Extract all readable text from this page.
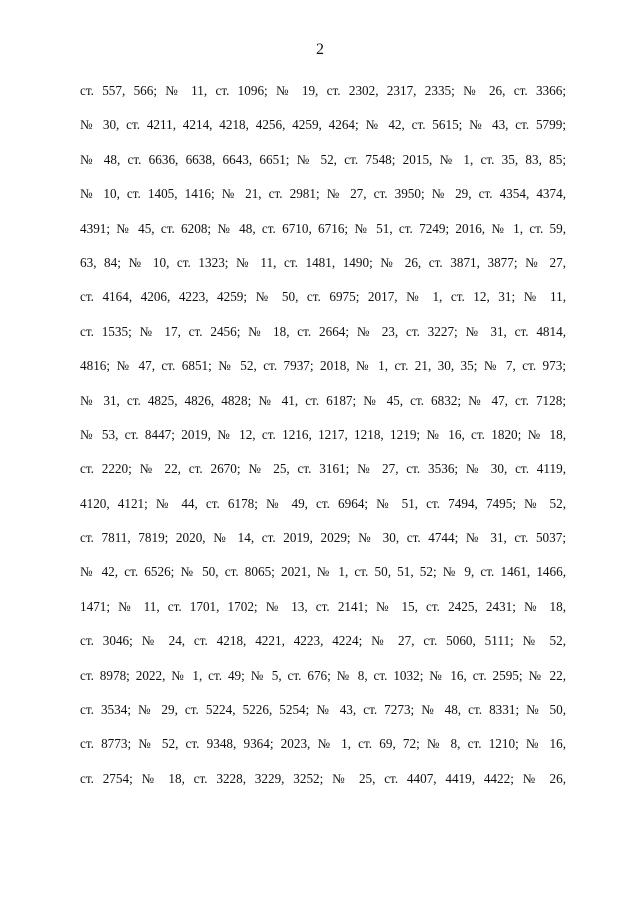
2
ст. 557, 566; № 11, ст. 1096; № 19, ст. 2302, 2317, 2335; № 26, ст. 3366;
№ 30, ст. 4211, 4214, 4218, 4256, 4259, 4264; № 42, ст. 5615; № 43, ст. 5799;
№ 48, ст. 6636, 6638, 6643, 6651; № 52, ст. 7548; 2015, № 1, ст. 35, 83, 85;
№ 10, ст. 1405, 1416; № 21, ст. 2981; № 27, ст. 3950; № 29, ст. 4354, 4374,
4391; № 45, ст. 6208; № 48, ст. 6710, 6716; № 51, ст. 7249; 2016, № 1, ст. 59,
63, 84; № 10, ст. 1323; № 11, ст. 1481, 1490; № 26, ст. 3871, 3877; № 27,
ст. 4164, 4206, 4223, 4259; № 50, ст. 6975; 2017, № 1, ст. 12, 31; № 11,
ст. 1535; № 17, ст. 2456; № 18, ст. 2664; № 23, ст. 3227; № 31, ст. 4814,
4816; № 47, ст. 6851; № 52, ст. 7937; 2018, № 1, ст. 21, 30, 35; № 7, ст. 973;
№ 31, ст. 4825, 4826, 4828; № 41, ст. 6187; № 45, ст. 6832; № 47, ст. 7128;
№ 53, ст. 8447; 2019, № 12, ст. 1216, 1217, 1218, 1219; № 16, ст. 1820; № 18,
ст. 2220; № 22, ст. 2670; № 25, ст. 3161; № 27, ст. 3536; № 30, ст. 4119,
4120, 4121; № 44, ст. 6178; № 49, ст. 6964; № 51, ст. 7494, 7495; № 52,
ст. 7811, 7819; 2020, № 14, ст. 2019, 2029; № 30, ст. 4744; № 31, ст. 5037;
№ 42, ст. 6526; № 50, ст. 8065; 2021, № 1, ст. 50, 51, 52; № 9, ст. 1461, 1466,
1471; № 11, ст. 1701, 1702; № 13, ст. 2141; № 15, ст. 2425, 2431; № 18,
ст. 3046; № 24, ст. 4218, 4221, 4223, 4224; № 27, ст. 5060, 5111; № 52,
ст. 8978; 2022, № 1, ст. 49; № 5, ст. 676; № 8, ст. 1032; № 16, ст. 2595; № 22,
ст. 3534; № 29, ст. 5224, 5226, 5254; № 43, ст. 7273; № 48, ст. 8331; № 50,
ст. 8773; № 52, ст. 9348, 9364; 2023, № 1, ст. 69, 72; № 8, ст. 1210; № 16,
ст. 2754; № 18, ст. 3228, 3229, 3252; № 25, ст. 4407, 4419, 4422; № 26,
